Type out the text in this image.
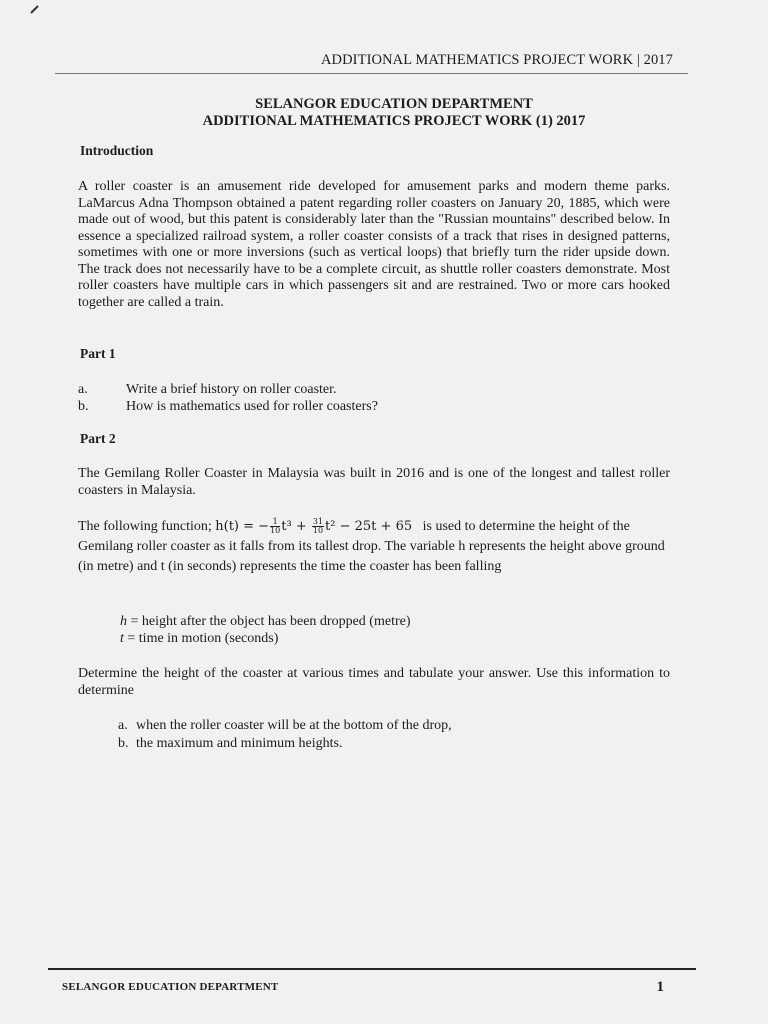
ADDITIONAL MATHEMATICS PROJECT WORK | 2017
SELANGOR EDUCATION DEPARTMENT
ADDITIONAL MATHEMATICS PROJECT WORK (1) 2017
Introduction
A roller coaster is an amusement ride developed for amusement parks and modern theme parks. LaMarcus Adna Thompson obtained a patent regarding roller coasters on January 20, 1885, which were made out of wood, but this patent is considerably later than the "Russian mountains" described below. In essence a specialized railroad system, a roller coaster consists of a track that rises in designed patterns, sometimes with one or more inversions (such as vertical loops) that briefly turn the rider upside down. The track does not necessarily have to be a complete circuit, as shuttle roller coasters demonstrate. Most roller coasters have multiple cars in which passengers sit and are restrained. Two or more cars hooked together are called a train.
Part 1
a.	Write a brief history on roller coaster.
b.	How is mathematics used for roller coasters?
Part 2
The Gemilang Roller Coaster in Malaysia was built in 2016 and is one of the longest and tallest roller coasters in Malaysia.
The following function; h(t) = − $\frac{1}{10} t^3 + \frac{31}{10} t^2 - 25t + 65$ is used to determine the height of the Gemilang roller coaster as it falls from its tallest drop. The variable h represents the height above ground (in metre) and t (in seconds) represents the time the coaster has been falling
h = height after the object has been dropped (metre)
t = time in motion (seconds)
Determine the height of the coaster at various times and tabulate your answer. Use this information to determine
a. when the roller coaster will be at the bottom of the drop,
b. the maximum and minimum heights.
SELANGOR EDUCATION DEPARTMENT	1
